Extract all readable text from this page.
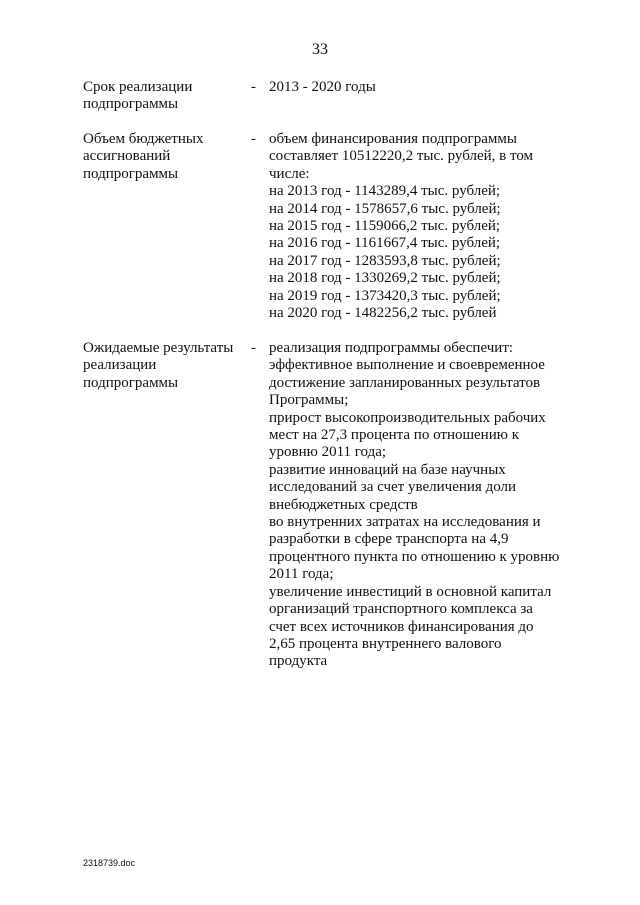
33
Срок реализации
подпрограммы
- 2013 - 2020 годы
Объем бюджетных
ассигнований
подпрограммы
- объем финансирования подпрограммы
составляет 10512220,2 тыс. рублей, в том
числе:
на 2013 год - 1143289,4 тыс. рублей;
на 2014 год - 1578657,6 тыс. рублей;
на 2015 год - 1159066,2 тыс. рублей;
на 2016 год - 1161667,4 тыс. рублей;
на 2017 год - 1283593,8 тыс. рублей;
на 2018 год - 1330269,2 тыс. рублей;
на 2019 год - 1373420,3 тыс. рублей;
на 2020 год - 1482256,2 тыс. рублей
Ожидаемые результаты
реализации
подпрограммы
- реализация подпрограммы обеспечит:
эффективное выполнение и своевременное
достижение запланированных результатов
Программы;
прирост высокопроизводительных рабочих
мест на 27,3 процента по отношению к
уровню 2011 года;
развитие инноваций на базе научных
исследований за счет увеличения доли
внебюджетных средств
во внутренних затратах на исследования и
разработки в сфере транспорта на 4,9
процентного пункта по отношению к уровню
2011 года;
увеличение инвестиций в основной капитал
организаций транспортного комплекса за
счет всех источников финансирования до
2,65 процента внутреннего валового
продукта
2318739.doc
